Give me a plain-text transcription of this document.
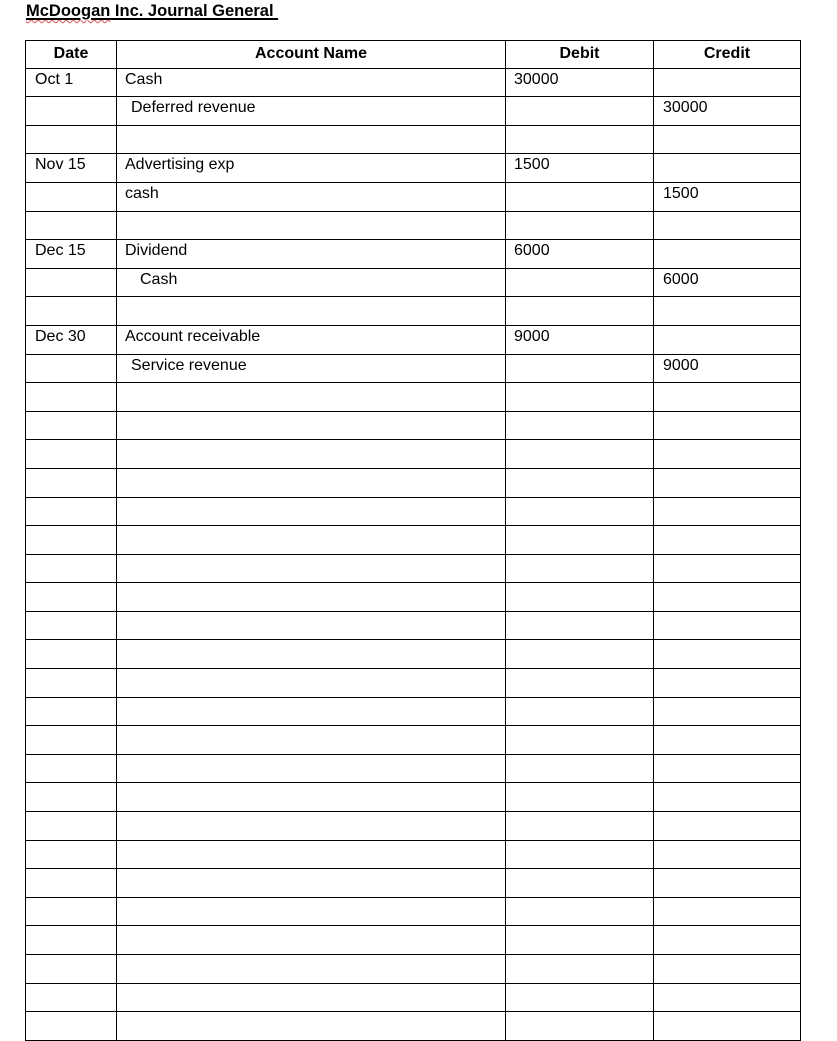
McDoogan Inc. Journal General
Date	Account Name	Debit	Credit
Oct 1	Cash	30000	
	Deferred revenue		30000

Nov 15	Advertising exp	1500	
	cash		1500

Dec 15	Dividend	6000	
	Cash		6000

Dec 30	Account receivable	9000	
	Service revenue		9000
